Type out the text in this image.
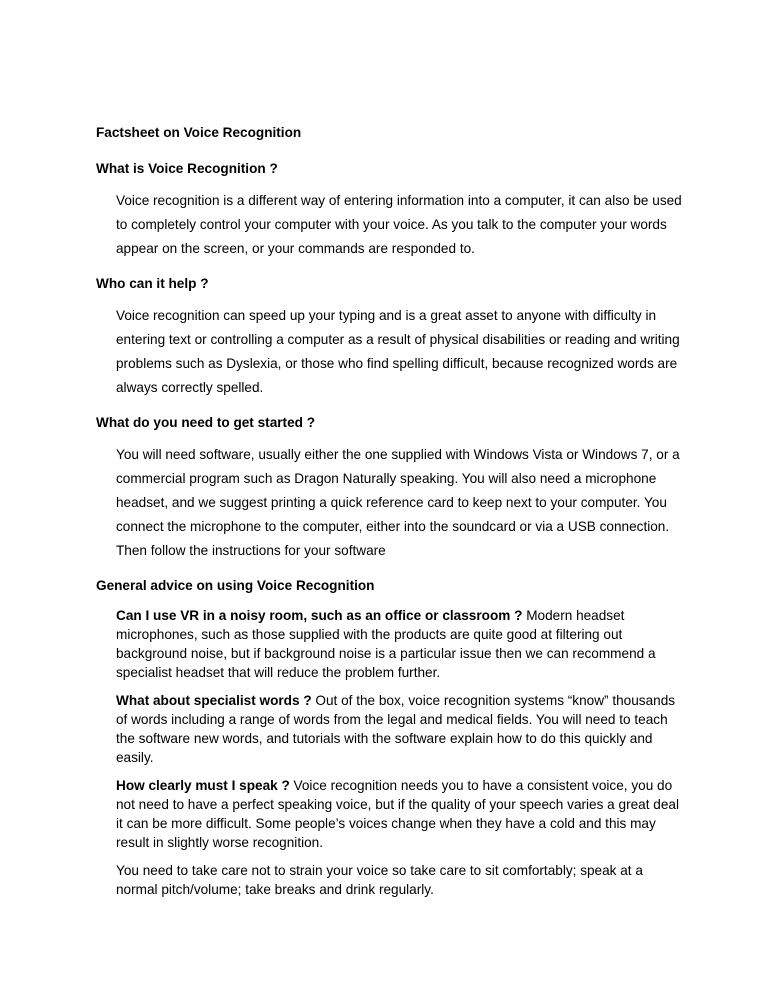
Factsheet on Voice Recognition
What is Voice Recognition ?
Voice recognition is a different way of entering information into a computer, it can also be used to completely control your computer with your voice. As you talk to the computer your words appear on the screen, or your commands are responded to.
Who can it help ?
Voice recognition can speed up your typing and is a great asset to anyone with difficulty in entering text or controlling a computer as a result of physical disabilities or reading and writing problems such as Dyslexia, or those who find spelling difficult, because recognized words are always correctly spelled.
What do you need to get started ?
You will need software, usually either the one supplied with Windows Vista or Windows 7, or a commercial program such as Dragon Naturally speaking. You will also need a microphone headset, and we suggest printing a quick reference card to keep next to your computer. You connect the microphone to the computer, either into the soundcard or via a USB connection. Then follow the instructions for your software
General advice on using Voice Recognition
Can I use VR in a noisy room, such as an office or classroom ? Modern headset microphones, such as those supplied with the products are quite good at filtering out background noise, but if background noise is a particular issue then we can recommend a specialist headset that will reduce the problem further.
What about specialist words ? Out of the box, voice recognition systems “know” thousands of words including a range of words from the legal and medical fields. You will need to teach the software new words, and tutorials with the software explain how to do this quickly and easily.
How clearly must I speak ? Voice recognition needs you to have a consistent voice, you do not need to have a perfect speaking voice, but if the quality of your speech varies a great deal it can be more difficult. Some people’s voices change when they have a cold and this may result in slightly worse recognition.
You need to take care not to strain your voice so take care to sit comfortably; speak at a normal pitch/volume; take breaks and drink regularly.
